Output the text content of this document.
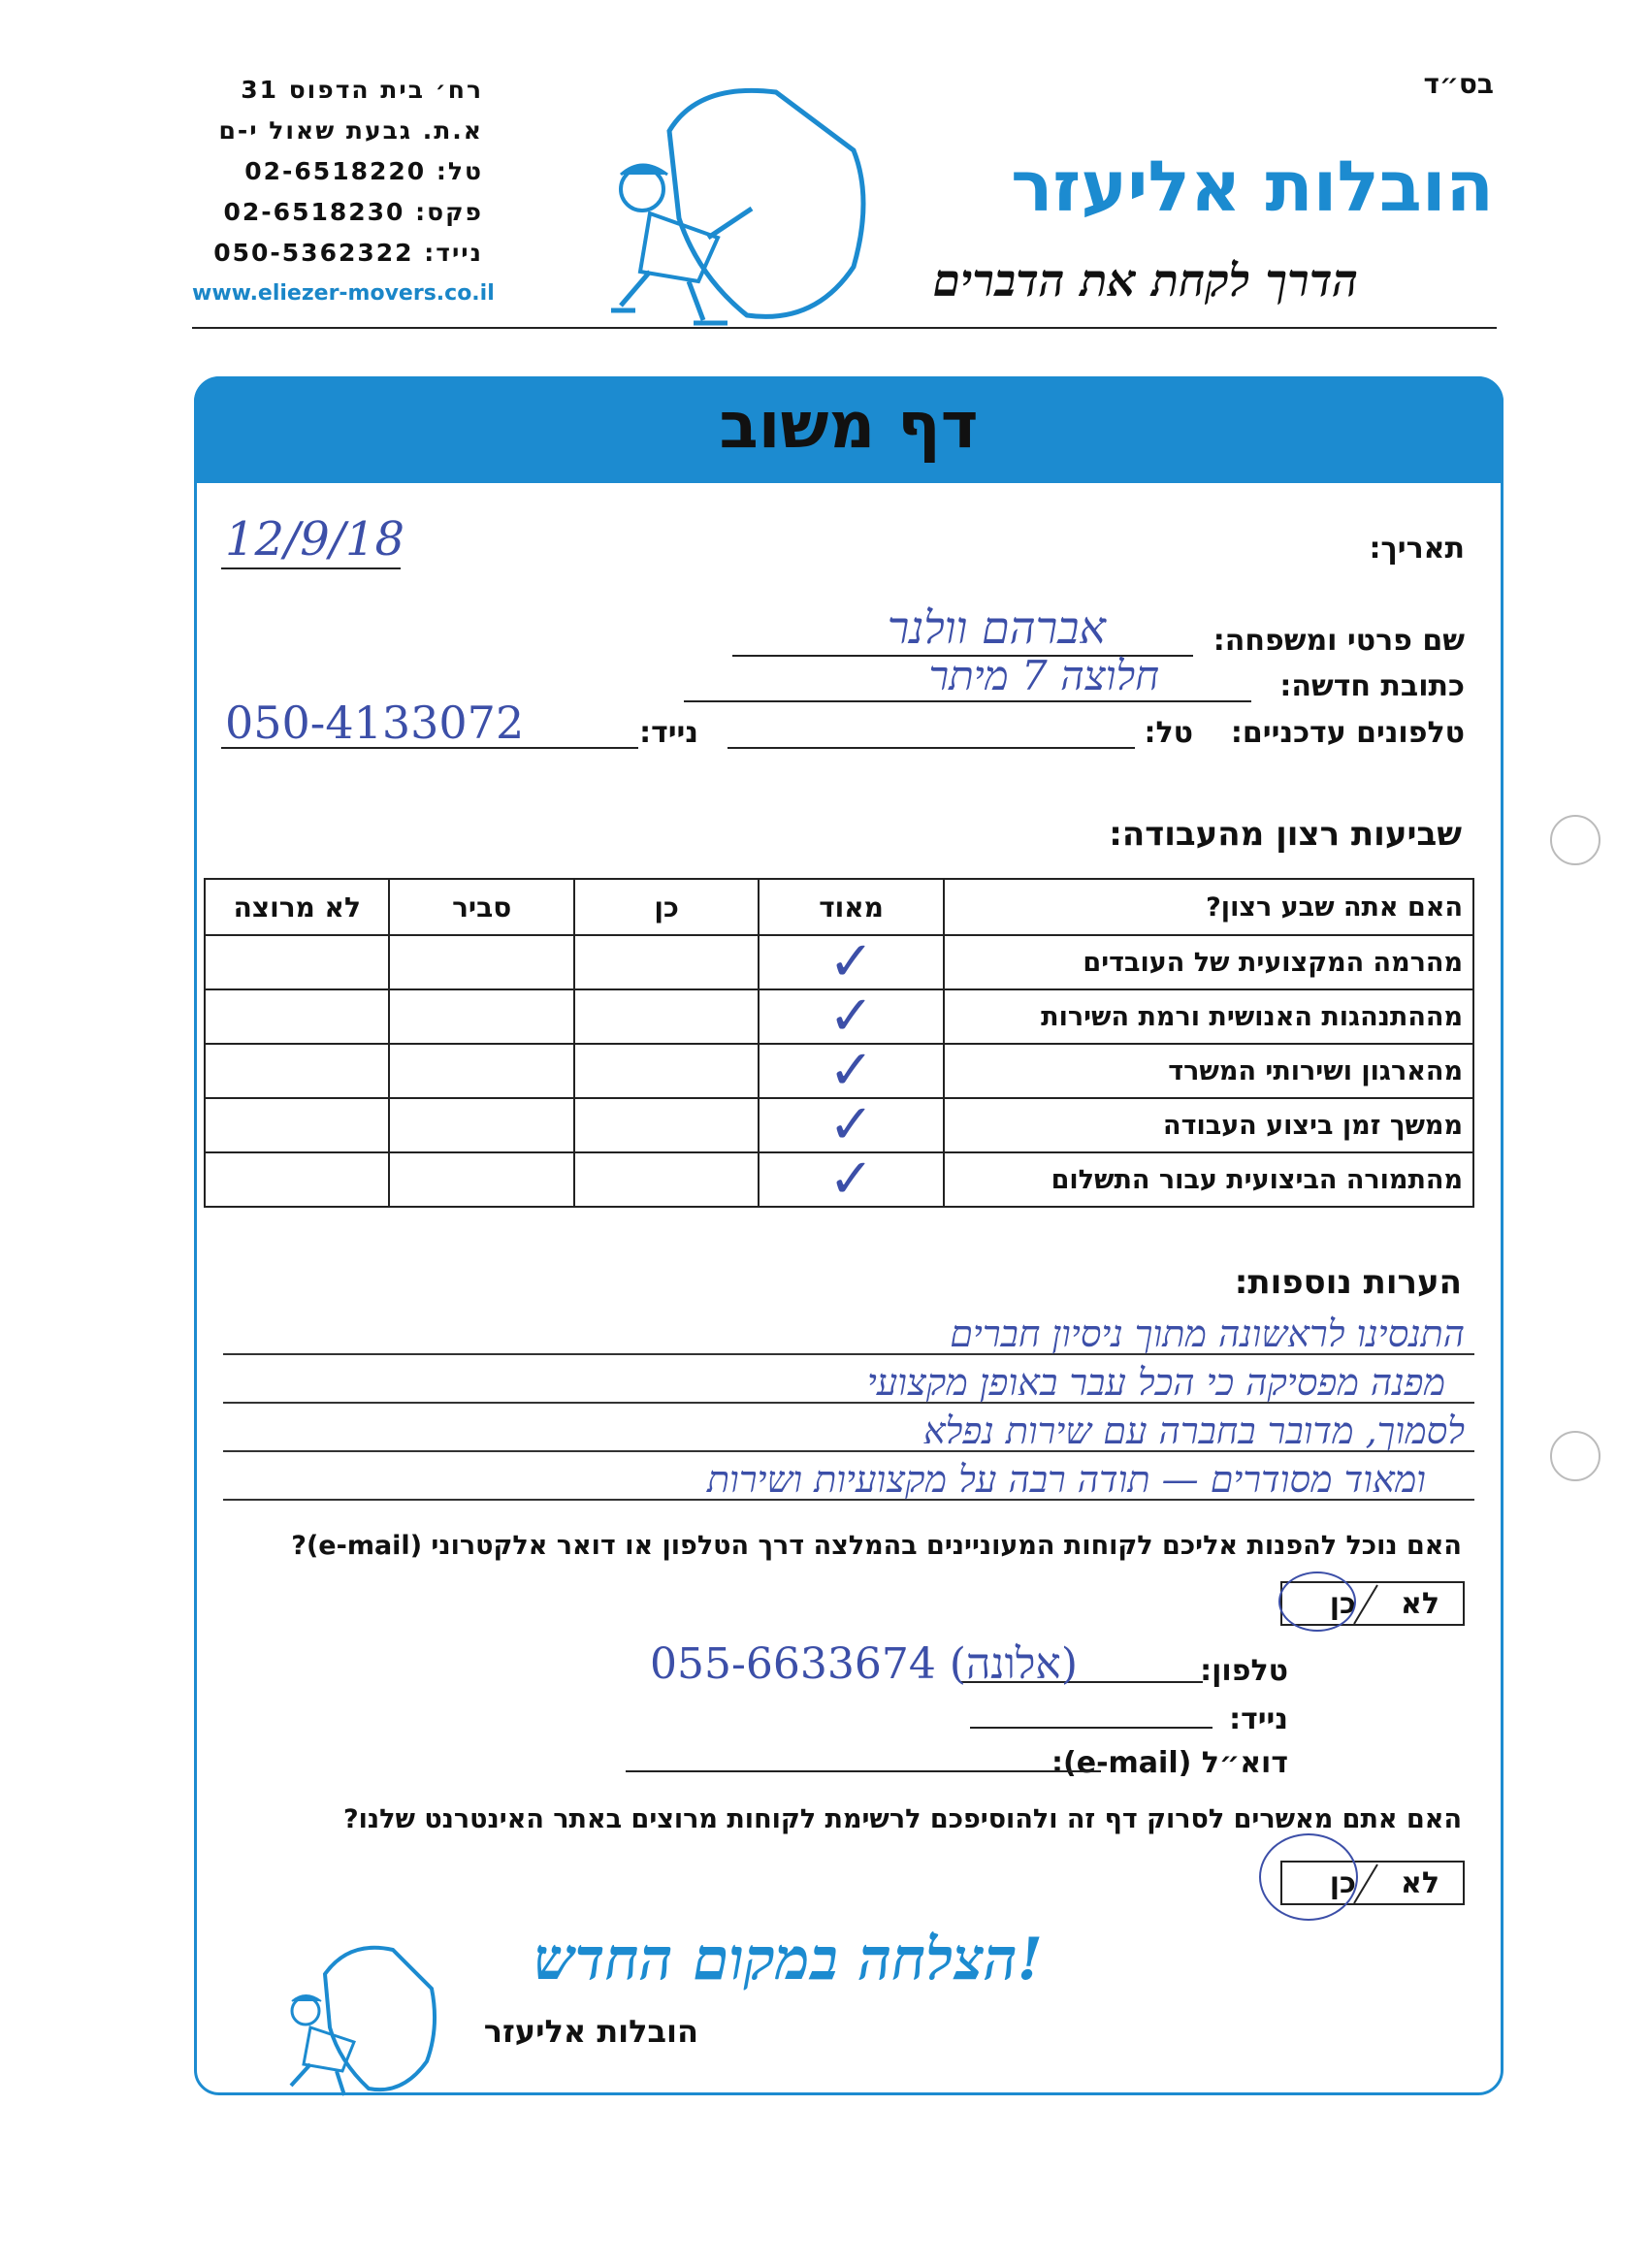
בס״ד
הובלות אליעזר
הדרך לקחת את הדברים
רח׳ בית הדפוס 31
א.ת. גבעת שאול י-ם
טל: 02-6518220
פקס: 02-6518230
נייד: 050-5362322
www.eliezer-movers.co.il
דף משוב
תאריך:
12/9/18
שם פרטי ומשפחה:
אברהם וולנר
כתובת חדשה:
חלוצה 7 מיתר
טלפונים עדכניים:
טל:
נייד:
050-4133072
שביעות רצון מהעבודה:
האם אתה שבע רצון?	מאוד	כן	סביר	לא מרוצה
מהרמה המקצועית של העובדים	✓			

מההתנהגות האנושית ורמת השירות	✓			

מהארגון ושירותי המשרד	✓			

ממשך זמן ביצוע העבודה	✓			

מהתמורה הביצועית עבור התשלום	✓			

הערות נוספות:
התנסינו לראשונה מתוך ניסיון חברים
מפנה מפסיקה כי הכל עבר באופן מקצועי
לסמוך, מדובר בחברה עם שירות נפלא
ומאוד מסודרים — תודה רבה על מקצועיות ושירות
האם נוכל להפנות אליכם לקוחות המעוניינים בהמלצה דרך הטלפון או דואר אלקטרוני (e-mail)?
לא
כן
טלפון:
055-6633674 (אלונה)
נייד:
דוא״ל (e-mail):
האם אתם מאשרים לסרוק דף זה ולהוסיפכם לרשימת לקוחות מרוצים באתר האינטרנט שלנו?
לא
כן
!הצלחה במקום החדש
הובלות אליעזר
